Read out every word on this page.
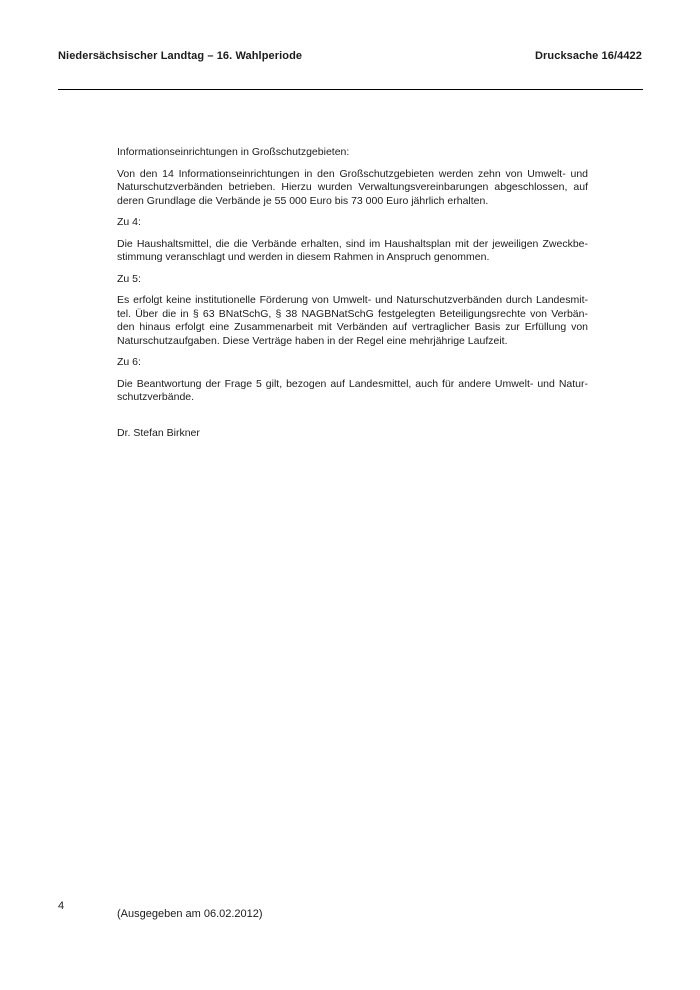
Niedersächsischer Landtag – 16. Wahlperiode	Drucksache 16/4422
Informationseinrichtungen in Großschutzgebieten:
Von den 14 Informationseinrichtungen in den Großschutzgebieten werden zehn von Umwelt- und
Naturschutzverbänden betrieben. Hierzu wurden Verwaltungsvereinbarungen abgeschlossen, auf
deren Grundlage die Verbände je 55 000 Euro bis 73 000 Euro jährlich erhalten.
Zu 4:
Die Haushaltsmittel, die die Verbände erhalten, sind im Haushaltsplan mit der jeweiligen Zweckbe-
stimmung veranschlagt und werden in diesem Rahmen in Anspruch genommen.
Zu 5:
Es erfolgt keine institutionelle Förderung von Umwelt- und Naturschutzverbänden durch Landesmit-
tel. Über die in § 63 BNatSchG, § 38 NAGBNatSchG festgelegten Beteiligungsrechte von Verbän-
den hinaus erfolgt eine Zusammenarbeit mit Verbänden auf vertraglicher Basis zur Erfüllung von
Naturschutzaufgaben. Diese Verträge haben in der Regel eine mehrjährige Laufzeit.
Zu 6:
Die Beantwortung der Frage 5 gilt, bezogen auf Landesmittel, auch für andere Umwelt- und Natur-
schutzverbände.
Dr. Stefan Birkner
4
(Ausgegeben am 06.02.2012)
